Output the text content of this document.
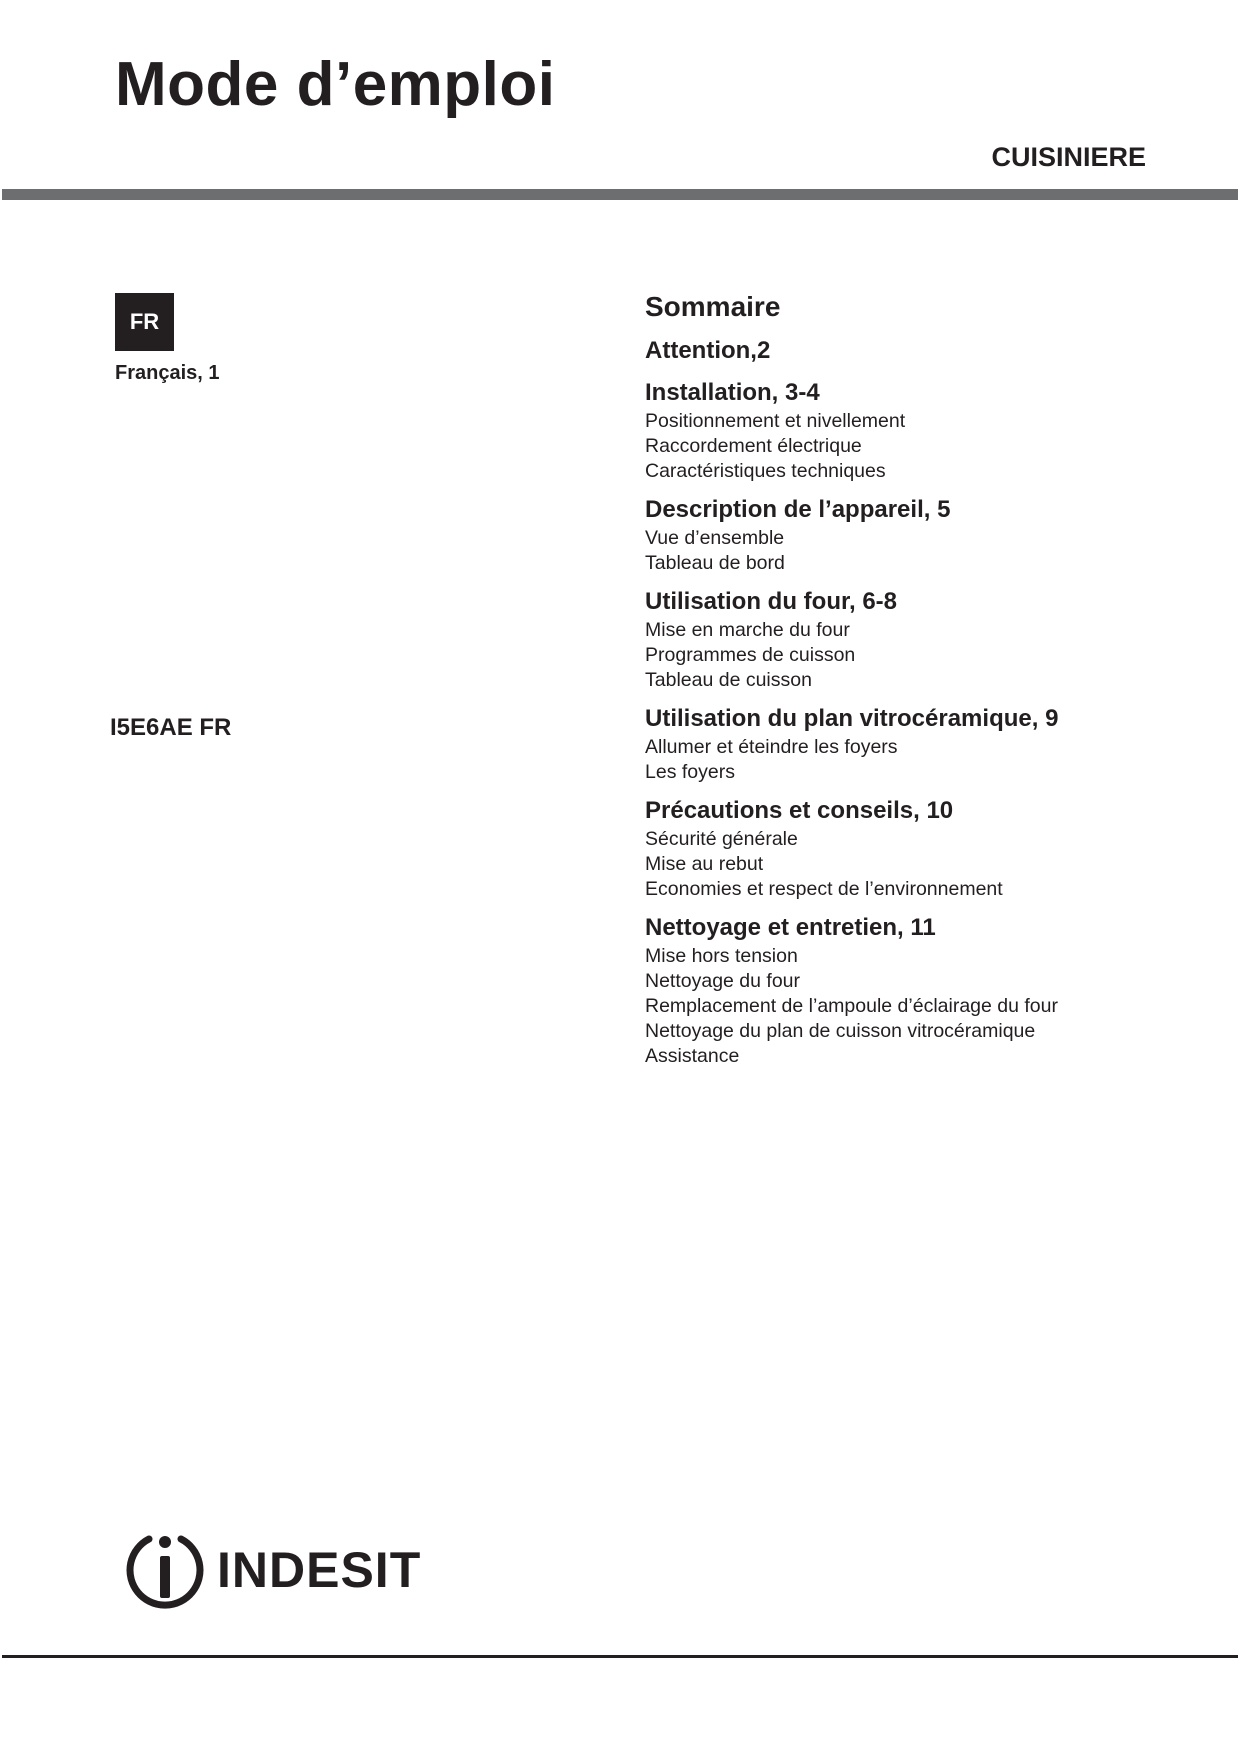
Mode d’emploi
CUISINIERE
FR
Français, 1
I5E6AE FR
Sommaire
Attention,2
Installation, 3-4
Positionnement et nivellement
Raccordement électrique
Caractéristiques techniques
Description de l’appareil, 5
Vue d’ensemble
Tableau de bord
Utilisation du four, 6-8
Mise en marche du four
Programmes de cuisson
Tableau de cuisson
Utilisation du plan vitrocéramique, 9
Allumer et éteindre les foyers
Les foyers
Précautions et conseils, 10
Sécurité générale
Mise au rebut
Economies et respect de l’environnement
Nettoyage et entretien, 11
Mise hors tension
Nettoyage du four
Remplacement de l’ampoule d’éclairage du four
Nettoyage du plan de cuisson vitrocéramique
Assistance
INDESIT
